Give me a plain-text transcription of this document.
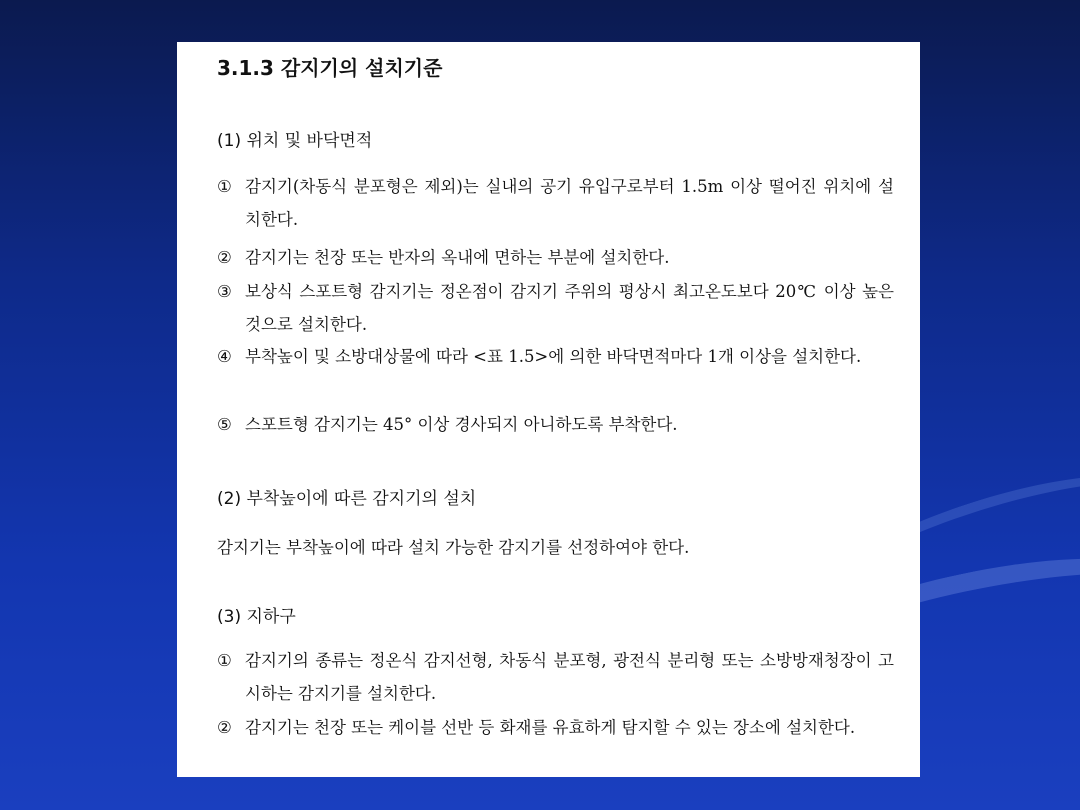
3.1.3 감지기의 설치기준
(1) 위치 및 바닥면적
① 감지기(차동식 분포형은 제외)는 실내의 공기 유입구로부터 1.5m 이상 떨어진 위치에 설치한다.
② 감지기는 천장 또는 반자의 옥내에 면하는 부분에 설치한다.
③ 보상식 스포트형 감지기는 정온점이 감지기 주위의 평상시 최고온도보다 20℃ 이상 높은 것으로 설치한다.
④ 부착높이 및 소방대상물에 따라 <표 1.5>에 의한 바닥면적마다 1개 이상을 설치한다.
⑤ 스포트형 감지기는 45° 이상 경사되지 아니하도록 부착한다.
(2) 부착높이에 따른 감지기의 설치
감지기는 부착높이에 따라 설치 가능한 감지기를 선정하여야 한다.
(3) 지하구
① 감지기의 종류는 정온식 감지선형, 차동식 분포형, 광전식 분리형 또는 소방방재청장이 고시하는 감지기를 설치한다.
② 감지기는 천장 또는 케이블 선반 등 화재를 유효하게 탐지할 수 있는 장소에 설치한다.
